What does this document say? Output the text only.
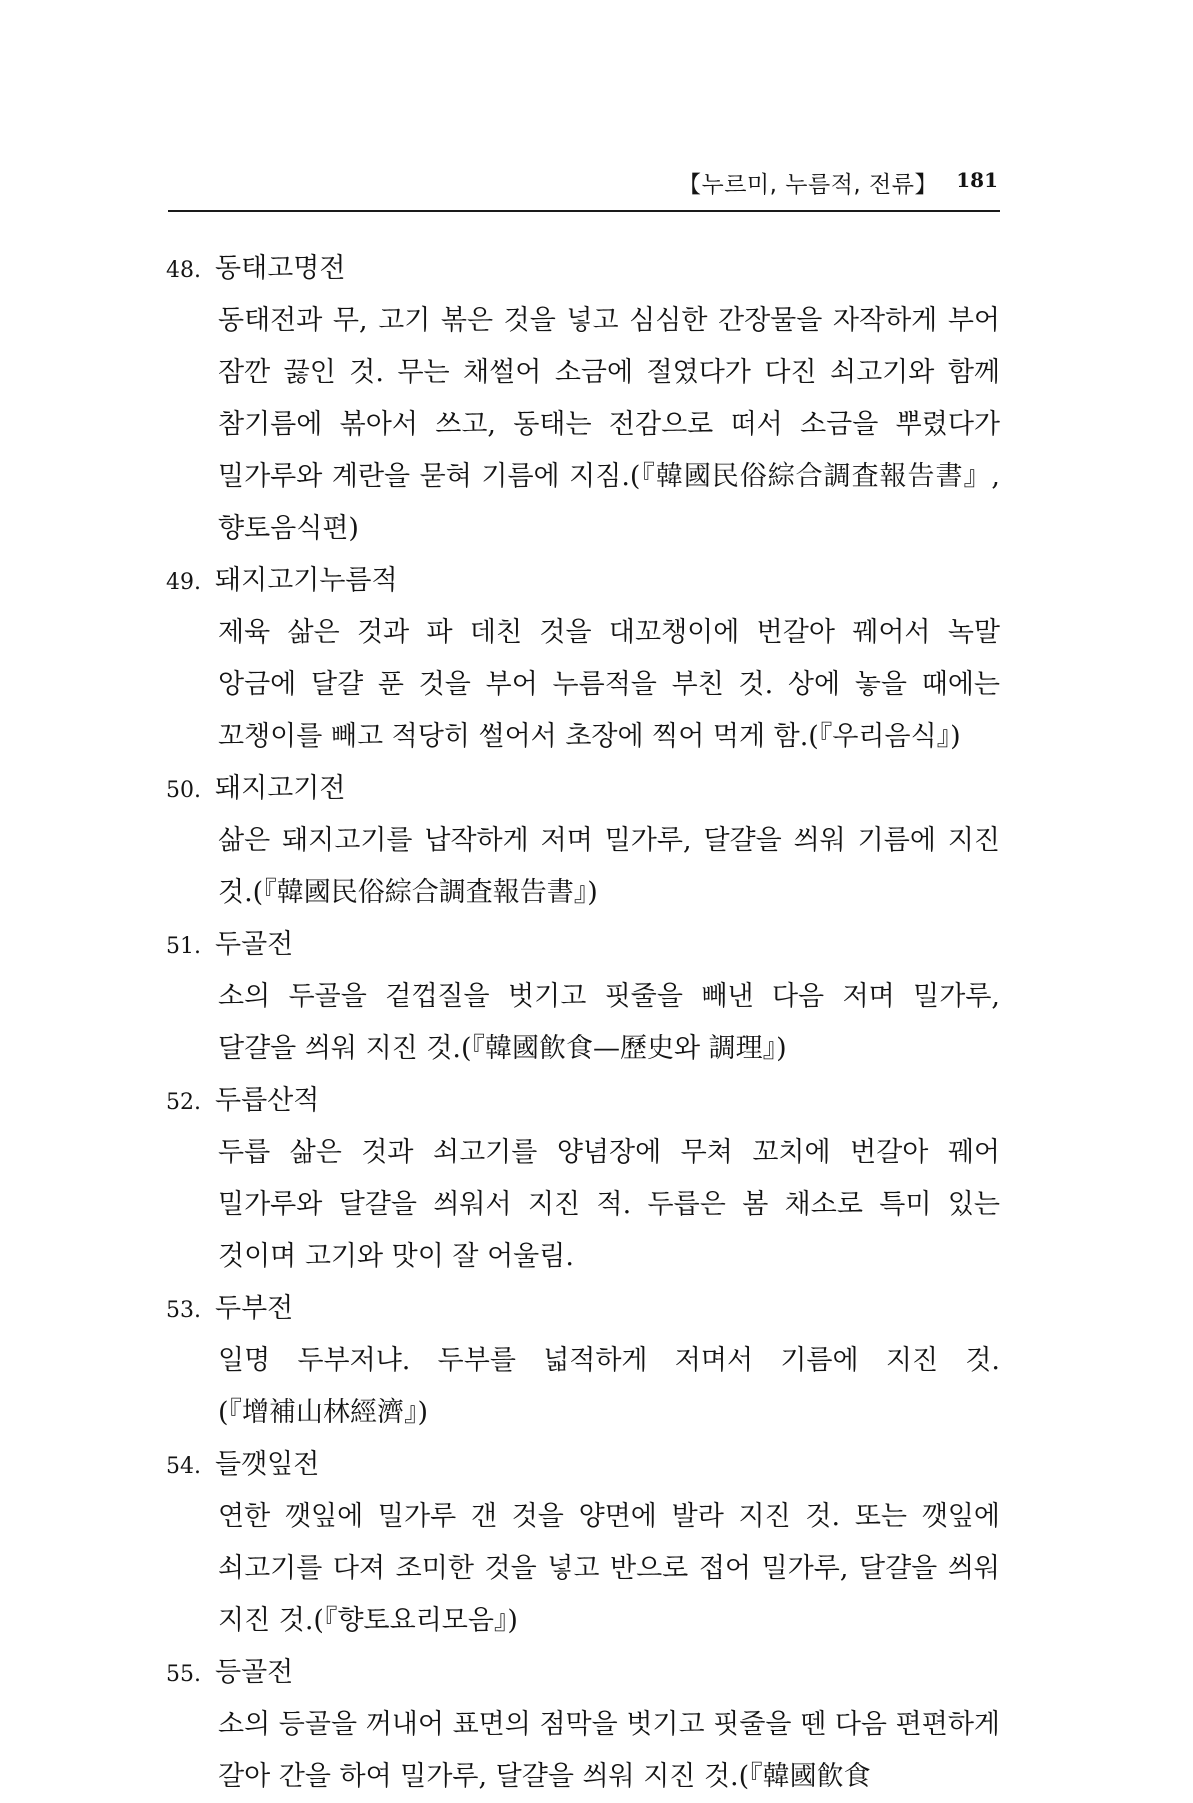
【누르미, 누름적, 전류】 181
48. 동태고명전

동태전과 무, 고기 볶은 것을 넣고 심심한 간장물을 자작하게 부어 잠깐 끓인 것. 무는 채썰어 소금에 절였다가 다진 쇠고기와 함께 참기름에 볶아서 쓰고, 동태는 전감으로 떠서 소금을 뿌렸다가 밀가루와 계란을 묻혀 기름에 지짐.(『韓國民俗綜合調査報告書』, 향토음식편)

49. 돼지고기누름적

제육 삶은 것과 파 데친 것을 대꼬챙이에 번갈아 꿰어서 녹말 앙금에 달걀 푼 것을 부어 누름적을 부친 것. 상에 놓을 때에는 꼬챙이를 빼고 적당히 썰어서 초장에 찍어 먹게 함.(『우리음식』)

50. 돼지고기전

삶은 돼지고기를 납작하게 저며 밀가루, 달걀을 씌워 기름에 지진 것.(『韓國民俗綜合調査報告書』)

51. 두골전

소의 두골을 겉껍질을 벗기고 핏줄을 빼낸 다음 저며 밀가루, 달걀을 씌워 지진 것.(『韓國飮食—歷史와 調理』)

52. 두릅산적

두릅 삶은 것과 쇠고기를 양념장에 무쳐 꼬치에 번갈아 꿰어 밀가루와 달걀을 씌워서 지진 적. 두릅은 봄 채소로 특미 있는 것이며 고기와 맛이 잘 어울림.

53. 두부전

일명 두부저냐. 두부를 넓적하게 저며서 기름에 지진 것.(『增補山林經濟』)

54. 들깻잎전

연한 깻잎에 밀가루 갠 것을 양면에 발라 지진 것. 또는 깻잎에 쇠고기를 다져 조미한 것을 넣고 반으로 접어 밀가루, 달걀을 씌워 지진 것.(『향토요리모음』)

55. 등골전

소의 등골을 꺼내어 표면의 점막을 벗기고 핏줄을 뗀 다음 편편하게 갈아 간을 하여 밀가루, 달걀을 씌워 지진 것.(『韓國飮食
